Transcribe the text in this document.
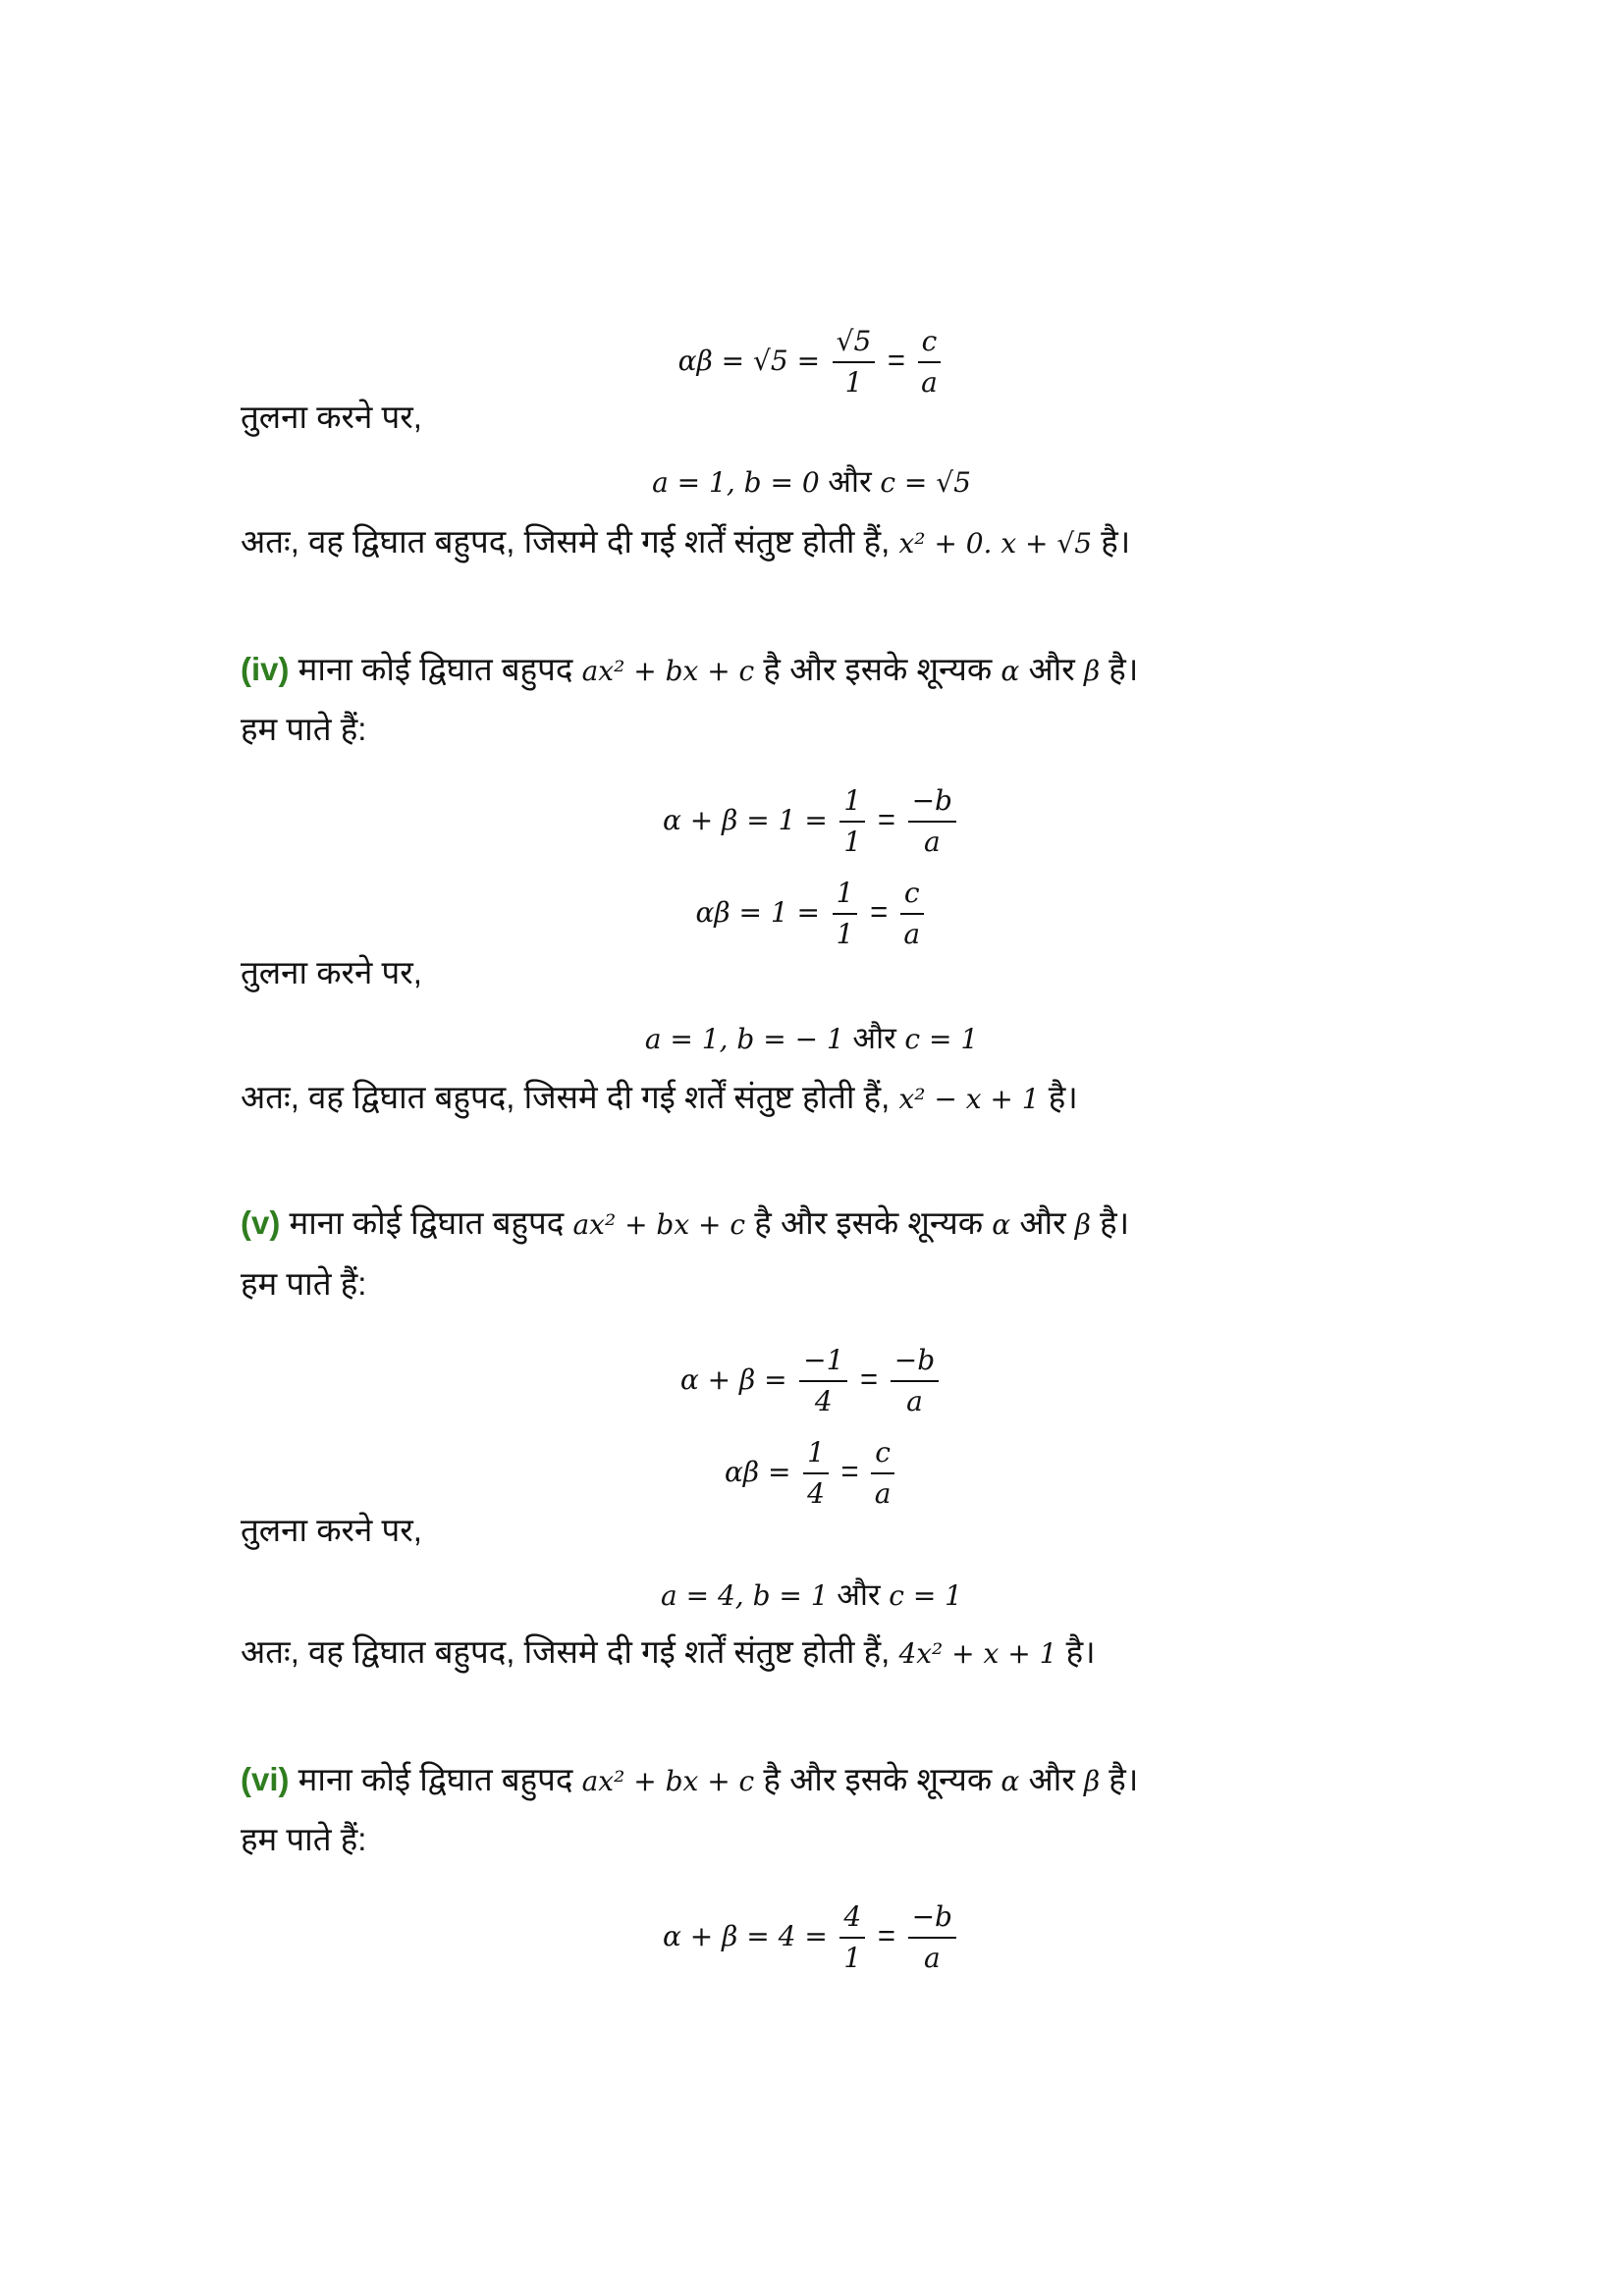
$\alpha\beta = √5 = \frac{√5}{1} = \frac{c}{a}$
तुलना करने पर,
a = 1, b = 0 और c = √5
अतः, वह द्विघात बहुपद, जिसमे दी गई शर्तें संतुष्ट होती हैं, x² + 0. x + √5 है।
(iv) माना कोई द्विघात बहुपद ax² + bx + c है और इसके शून्यक α और β है।
हम पाते हैं:
$\alpha + \beta = 1 = \frac{1}{1} = \frac{-b}{a}$
$\alpha\beta = 1 = \frac{1}{1} = \frac{c}{a}$
तुलना करने पर,
a = 1, b = − 1 और c = 1
अतः, वह द्विघात बहुपद, जिसमे दी गई शर्तें संतुष्ट होती हैं, x² − x + 1 है।
(v) माना कोई द्विघात बहुपद ax² + bx + c है और इसके शून्यक α और β है।
हम पाते हैं:
$\alpha + \beta = \frac{-1}{4} = \frac{-b}{a}$
$\alpha\beta = \frac{1}{4} = \frac{c}{a}$
तुलना करने पर,
a = 4, b = 1 और c = 1
अतः, वह द्विघात बहुपद, जिसमे दी गई शर्तें संतुष्ट होती हैं, 4x² + x + 1 है।
(vi) माना कोई द्विघात बहुपद ax² + bx + c है और इसके शून्यक α और β है।
हम पाते हैं:
$\alpha + \beta = 4 = \frac{4}{1} = \frac{-b}{a}$
